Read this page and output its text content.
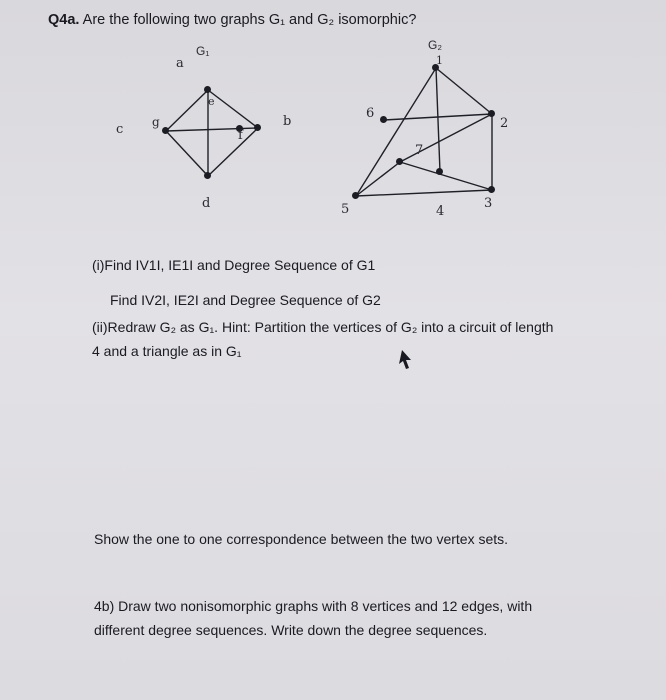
Q4a. Are the following two graphs G₁ and G₂ isomorphic?
G₁
a
e
c g
f
b
d
G₂
1
6
2
7
5	4
3
(i)Find IV1I, IE1I and Degree Sequence of G1
Find IV2I, IE2I and Degree Sequence of G2
(ii)Redraw G₂ as G₁. Hint: Partition the vertices of G₂ into a circuit of length
4 and a triangle as in G₁
Show the one to one correspondence between the two vertex sets.
4b) Draw two nonisomorphic graphs with 8 vertices and 12 edges, with
different degree sequences. Write down the degree sequences.
